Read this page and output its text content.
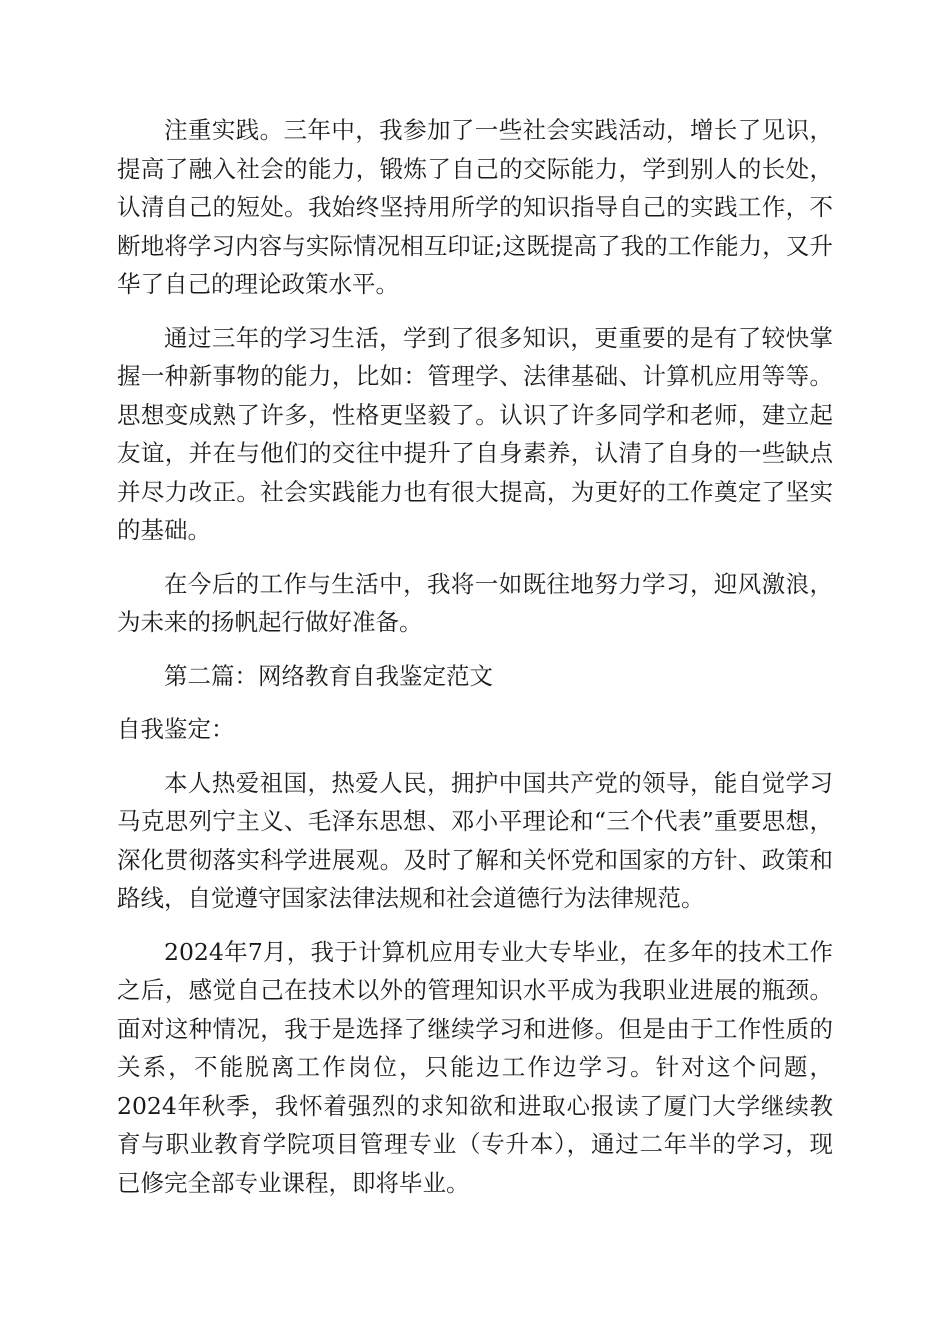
注重实践。三年中，我参加了一些社会实践活动，增长了见识，提高了融入社会的能力，锻炼了自己的交际能力，学到别人的长处，认清自己的短处。我始终坚持用所学的知识指导自己的实践工作，不断地将学习内容与实际情况相互印证;这既提高了我的工作能力，又升华了自己的理论政策水平。

通过三年的学习生活，学到了很多知识，更重要的是有了较快掌握一种新事物的能力，比如：管理学、法律基础、计算机应用等等。思想变成熟了许多，性格更坚毅了。认识了许多同学和老师，建立起友谊，并在与他们的交往中提升了自身素养，认清了自身的一些缺点并尽力改正。社会实践能力也有很大提高，为更好的工作奠定了坚实的基础。

在今后的工作与生活中，我将一如既往地努力学习，迎风激浪，为未来的扬帆起行做好准备。

第二篇：网络教育自我鉴定范文

自我鉴定：

本人热爱祖国，热爱人民，拥护中国共产党的领导，能自觉学习马克思列宁主义、毛泽东思想、邓小平理论和“三个代表”重要思想，深化贯彻落实科学进展观。及时了解和关怀党和国家的方针、政策和路线，自觉遵守国家法律法规和社会道德行为法律规范。

2024年7月，我于计算机应用专业大专毕业，在多年的技术工作之后，感觉自己在技术以外的管理知识水平成为我职业进展的瓶颈。面对这种情况，我于是选择了继续学习和进修。但是由于工作性质的关系，不能脱离工作岗位，只能边工作边学习。针对这个问题，2024年秋季，我怀着强烈的求知欲和进取心报读了厦门大学继续教育与职业教育学院项目管理专业（专升本），通过二年半的学习，现已修完全部专业课程，即将毕业。
